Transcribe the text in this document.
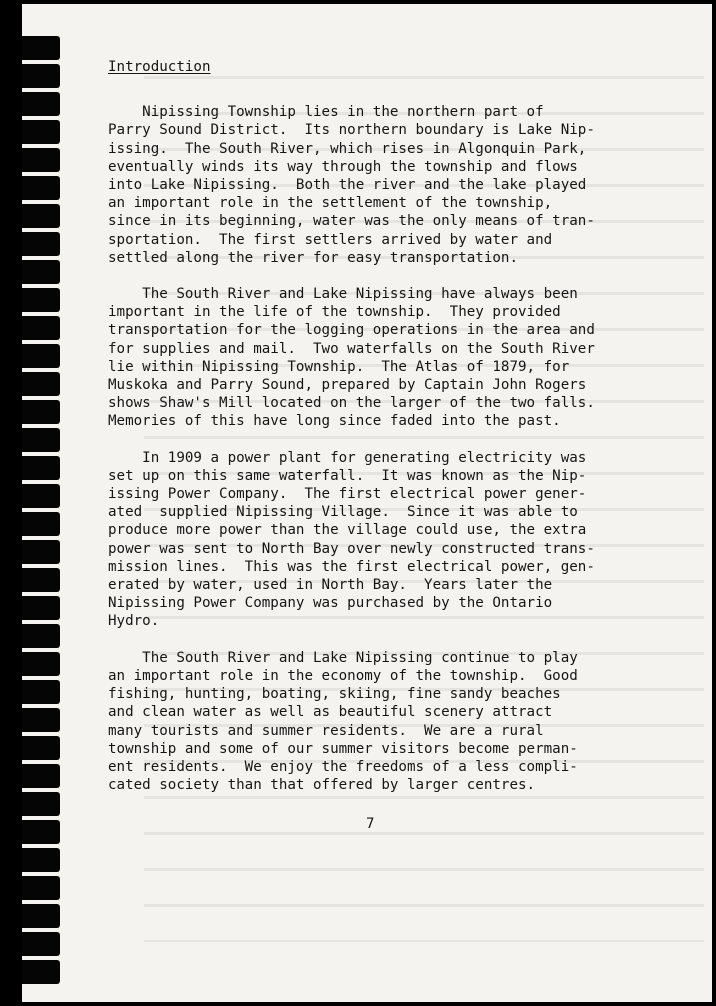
Introduction
Nipissing Township lies in the northern part of
Parry Sound District.  Its northern boundary is Lake Nip-
issing.  The South River, which rises in Algonquin Park,
eventually winds its way through the township and flows
into Lake Nipissing.  Both the river and the lake played
an important role in the settlement of the township,
since in its beginning, water was the only means of tran-
sportation.  The first settlers arrived by water and
settled along the river for easy transportation.
The South River and Lake Nipissing have always been
important in the life of the township.  They provided
transportation for the logging operations in the area and
for supplies and mail.  Two waterfalls on the South River
lie within Nipissing Township.  The Atlas of 1879, for
Muskoka and Parry Sound, prepared by Captain John Rogers
shows Shaw's Mill located on the larger of the two falls.
Memories of this have long since faded into the past.
In 1909 a power plant for generating electricity was
set up on this same waterfall.  It was known as the Nip-
issing Power Company.  The first electrical power gener-
ated  supplied Nipissing Village.  Since it was able to
produce more power than the village could use, the extra
power was sent to North Bay over newly constructed trans-
mission lines.  This was the first electrical power, gen-
erated by water, used in North Bay.  Years later the
Nipissing Power Company was purchased by the Ontario
Hydro.
The South River and Lake Nipissing continue to play
an important role in the economy of the township.  Good
fishing, hunting, boating, skiing, fine sandy beaches
and clean water as well as beautiful scenery attract
many tourists and summer residents.  We are a rural
township and some of our summer visitors become perman-
ent residents.  We enjoy the freedoms of a less compli-
cated society than that offered by larger centres.
7
